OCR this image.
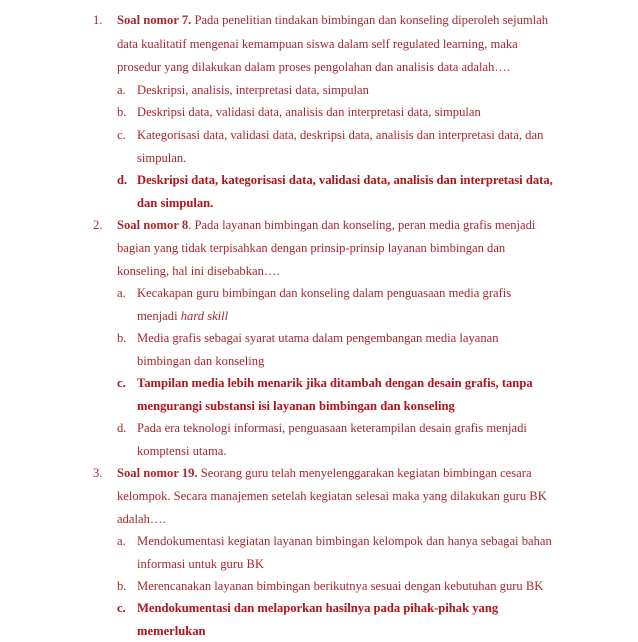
1. Soal nomor 7. Pada penelitian tindakan bimbingan dan konseling diperoleh sejumlah
data kualitatif mengenai kemampuan siswa dalam self regulated learning, maka
prosedur yang dilakukan dalam proses pengolahan dan analisis data adalah….
a. Deskripsi, analisis, interpretasi data, simpulan
b. Deskripsi data, validasi data, analisis dan interpretasi data, simpulan
c. Kategorisasi data, validasi data, deskripsi data, analisis dan interpretasi data, dan
simpulan.
d. Deskripsi data, kategorisasi data, validasi data, analisis dan interpretasi data,
dan simpulan.
2. Soal nomor 8. Pada layanan bimbingan dan konseling, peran media grafis menjadi
bagian yang tidak terpisahkan dengan prinsip-prinsip layanan bimbingan dan
konseling, hal ini disebabkan….
a. Kecakapan guru bimbingan dan konseling dalam penguasaan media grafis
menjadi hard skill
b. Media grafis sebagai syarat utama dalam pengembangan media layanan
bimbingan dan konseling
c. Tampilan media lebih menarik jika ditambah dengan desain grafis, tanpa
mengurangi substansi isi layanan bimbingan dan konseling
d. Pada era teknologi informasi, penguasaan keterampilan desain grafis menjadi
komptensi utama.
3. Soal nomor 19. Seorang guru telah menyelenggarakan kegiatan bimbingan cesara
kelompok. Secara manajemen setelah kegiatan selesai maka yang dilakukan guru BK
adalah….
a. Mendokumentasi kegiatan layanan bimbingan kelompok dan hanya sebagai bahan
informasi untuk guru BK
b. Merencanakan layanan bimbingan berikutnya sesuai dengan kebutuhan guru BK
c. Mendokumentasi dan melaporkan hasilnya pada pihak-pihak yang
memerlukan
